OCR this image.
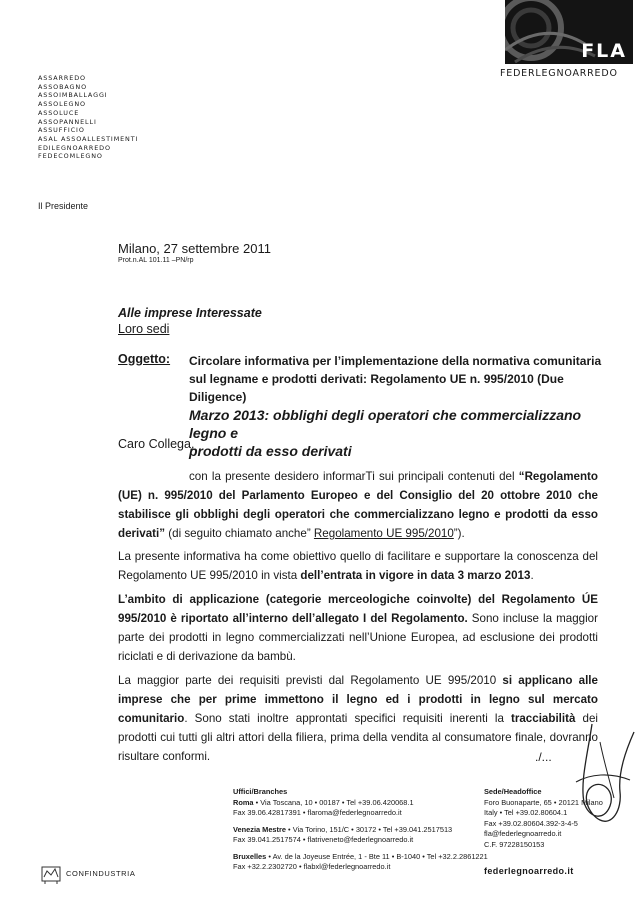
FLA
FEDERLEGNOARREDO
ASSARREDO
ASSOBAGNO
ASSOIMBALLAGGI
ASSOLEGNO
ASSOLUCE
ASSOPANNELLI
ASSUFFICIO
ASAL ASSOALLESTIMENTI
EDILEGNOARREDO
FEDECOMLEGNO
Il Presidente
Milano, 27 settembre 2011
Prot.n.AL 101.11 –PN/rp
Alle imprese Interessate
Loro sedi
Oggetto: Circolare informativa per l’implementazione della normativa comunitaria
sul legname e prodotti derivati: Regolamento UE n. 995/2010 (Due Diligence)
Marzo 2013: obblighi degli operatori che commercializzano legno e
prodotti da esso derivati
Caro Collega,

con la presente desidero informarTi sui principali contenuti del “Regolamento (UE) n. 995/2010 del Parlamento Europeo e del Consiglio del 20 ottobre 2010 che stabilisce gli obblighi degli operatori che commercializzano legno e prodotti da esso derivati” (di seguito chiamato anche” Regolamento UE 995/2010”).

La presente informativa ha come obiettivo quello di facilitare e supportare la conoscenza del Regolamento UE 995/2010 in vista dell’entrata in vigore in data 3 marzo 2013.

L’ambito di applicazione (categorie merceologiche coinvolte) del Regolamento ÚE 995/2010 è riportato all’interno dell’allegato I del Regolamento. Sono incluse la maggior parte dei prodotti in legno commercializzati nell’Unione Europea, ad esclusione dei prodotti riciclati e di derivazione da bambù.

La maggior parte dei requisiti previsti dal Regolamento UE 995/2010 si applicano alle imprese che per prime immettono il legno ed i prodotti in legno sul mercato comunitario. Sono stati inoltre approntati specifici requisiti inerenti la tracciabilità dei prodotti cui tutti gli altri attori della filiera, prima della vendita al consumatore finale, dovranno risultare conformi.	./...
Uffici/Branches
Roma • Via Toscana, 10 • 00187 • Tel +39.06.420068.1
Fax 39.06.42817391 • flaroma@federlegnoarredo.it
Venezia Mestre • Via Torino, 151/C • 30172 • Tel +39.041.2517513
Fax 39.041.2517574 • flatriveneto@federlegnoarredo.it
Bruxelles • Av. de la Joyeuse Entrée, 1 - Bte 11 • B-1040 • Tel +32.2.2861221
Fax +32.2.2302720 • flabxl@federlegnoarredo.it
Sede/Headoffice
Foro Buonaparte, 65 • 20121 Milano
Italy • Tel +39.02.80604.1
Fax +39.02.80604.392-3-4-5
fla@federlegnoarredo.it
C.F. 97228150153
federlegnoarredo.it
CONFINDUSTRIA
